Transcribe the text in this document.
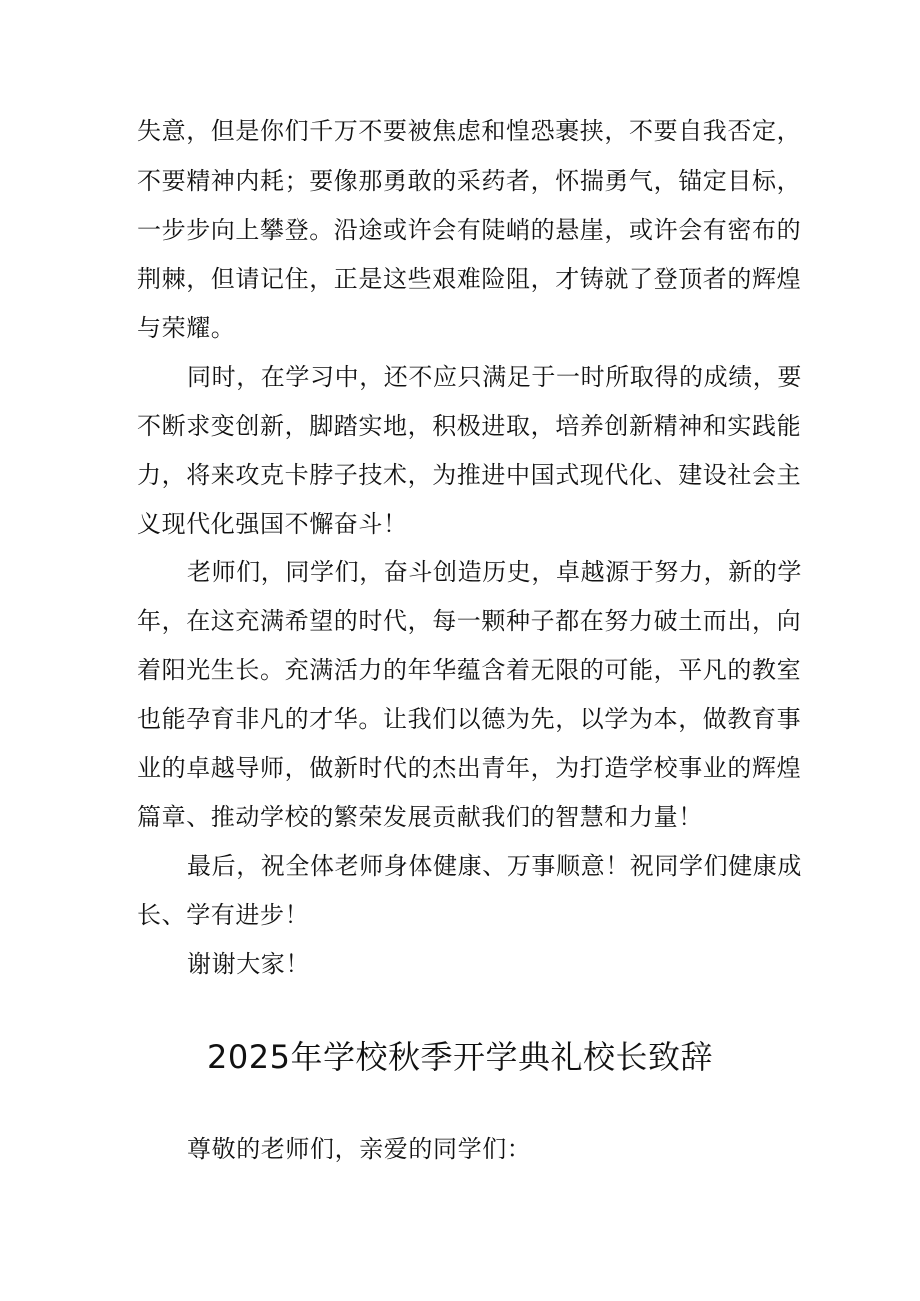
失意，但是你们千万不要被焦虑和惶恐裹挟，不要自我否定，
不要精神内耗；要像那勇敢的采药者，怀揣勇气，锚定目标，
一步步向上攀登。沿途或许会有陡峭的悬崖，或许会有密布的
荆棘，但请记住，正是这些艰难险阻，才铸就了登顶者的辉煌
与荣耀。
同时，在学习中，还不应只满足于一时所取得的成绩，要
不断求变创新，脚踏实地，积极进取，培养创新精神和实践能
力，将来攻克卡脖子技术，为推进中国式现代化、建设社会主
义现代化强国不懈奋斗！
老师们，同学们，奋斗创造历史，卓越源于努力，新的学
年，在这充满希望的时代，每一颗种子都在努力破土而出，向
着阳光生长。充满活力的年华蕴含着无限的可能，平凡的教室
也能孕育非凡的才华。让我们以德为先，以学为本，做教育事
业的卓越导师，做新时代的杰出青年，为打造学校事业的辉煌
篇章、推动学校的繁荣发展贡献我们的智慧和力量！
最后，祝全体老师身体健康、万事顺意！祝同学们健康成
长、学有进步！
谢谢大家！
2025年学校秋季开学典礼校长致辞
尊敬的老师们，亲爱的同学们：
